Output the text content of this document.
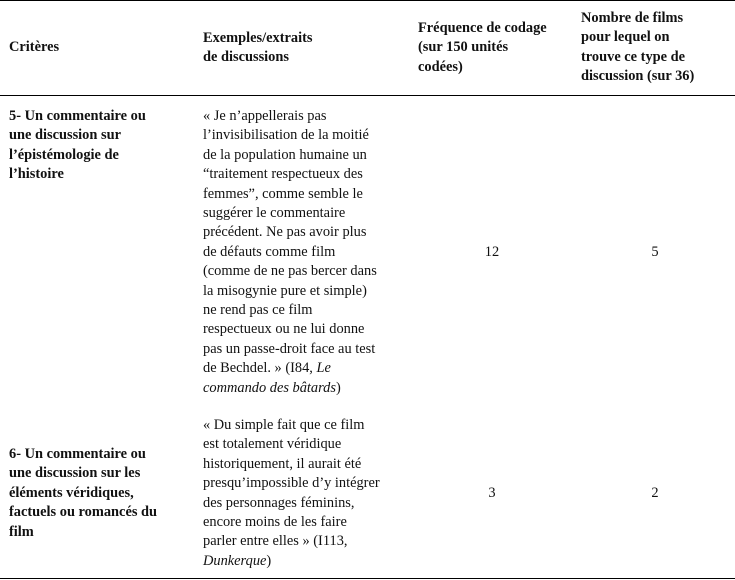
Critères
Exemples/extraits
de discussions
Fréquence de codage
(sur 150 unités
codées)
Nombre de films
pour lequel on
trouve ce type de
discussion (sur 36)
5- Un commentaire ou
une discussion sur
l’épistémologie de
l’histoire
« Je n’appellerais pas
l’invisibilisation de la moitié
de la population humaine un
“traitement respectueux des
femmes”, comme semble le
suggérer le commentaire
précédent. Ne pas avoir plus
de défauts comme film
(comme de ne pas bercer dans
la misogynie pure et simple)
ne rend pas ce film
respectueux ou ne lui donne
pas un passe-droit face au test
de Bechdel. » (I84, Le
commando des bâtards)
12	5
6- Un commentaire ou
une discussion sur les
éléments véridiques,
factuels ou romancés du
film
« Du simple fait que ce film
est totalement véridique
historiquement, il aurait été
presqu’impossible d’y intégrer
des personnages féminins,
encore moins de les faire
parler entre elles » (I113,
Dunkerque)
3	2
